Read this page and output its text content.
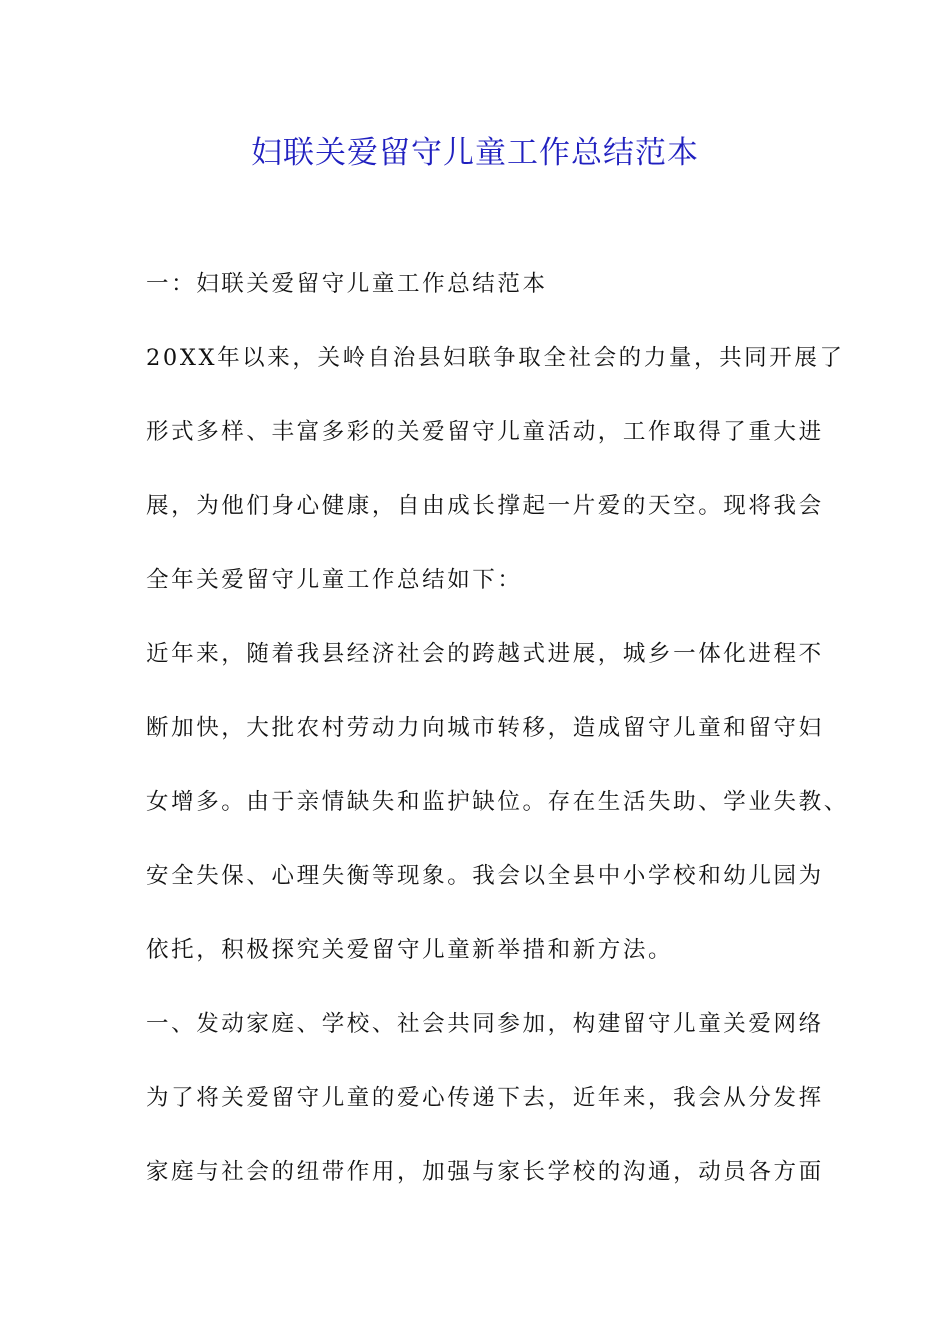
妇联关爱留守儿童工作总结范本

一：妇联关爱留守儿童工作总结范本

20XX年以来，关岭自治县妇联争取全社会的力量，共同开展了

形式多样、丰富多彩的关爱留守儿童活动，工作取得了重大进

展，为他们身心健康，自由成长撑起一片爱的天空。现将我会

全年关爱留守儿童工作总结如下：

近年来，随着我县经济社会的跨越式进展，城乡一体化进程不

断加快，大批农村劳动力向城市转移，造成留守儿童和留守妇

女增多。由于亲情缺失和监护缺位。存在生活失助、学业失教、

安全失保、心理失衡等现象。我会以全县中小学校和幼儿园为

依托，积极探究关爱留守儿童新举措和新方法。

一、发动家庭、学校、社会共同参加，构建留守儿童关爱网络

为了将关爱留守儿童的爱心传递下去，近年来，我会从分发挥

家庭与社会的纽带作用，加强与家长学校的沟通，动员各方面
